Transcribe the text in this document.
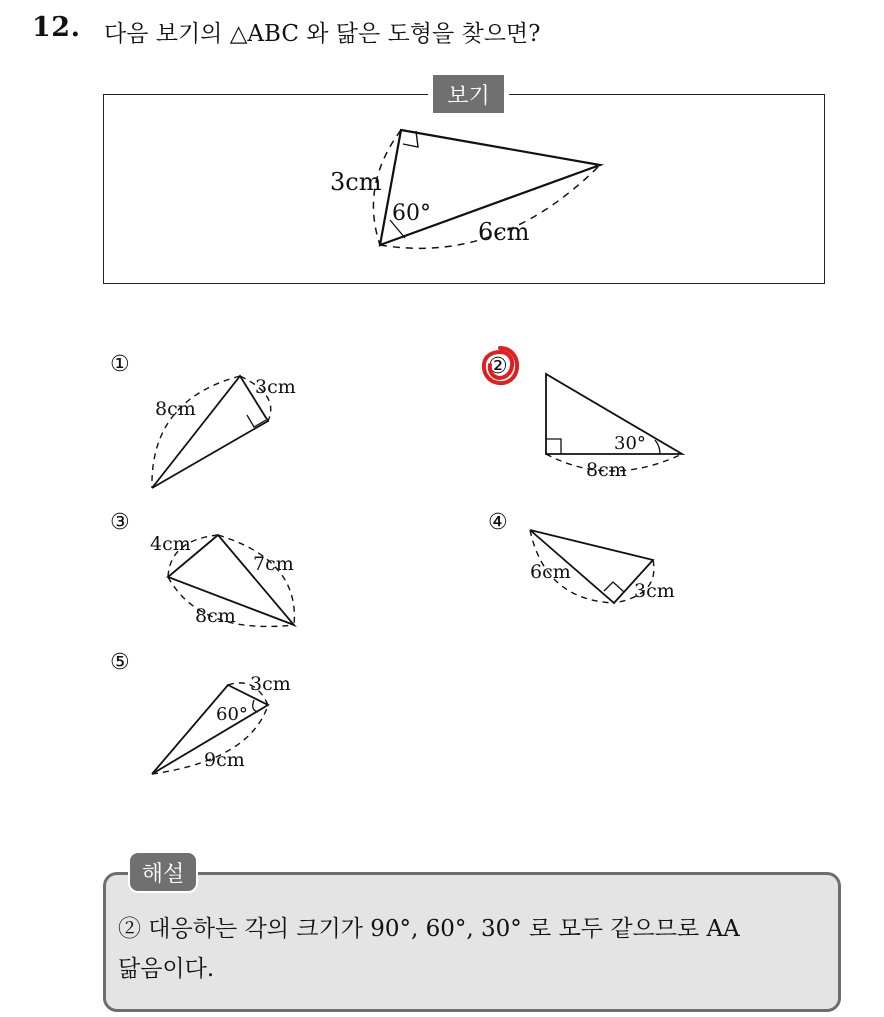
12. 다음 보기의 △ABC 와 닮은 도형을 찾으면?
보기
3cm
60°
6cm
8cm
3cm
30°
8cm
4cm
7cm
8cm
6cm
3cm
3cm
60°
9cm
①	②
③	④
⑤
해설
② 대응하는 각의 크기가 90°, 60°, 30° 로 모두 같으므로 AA
닮음이다.
